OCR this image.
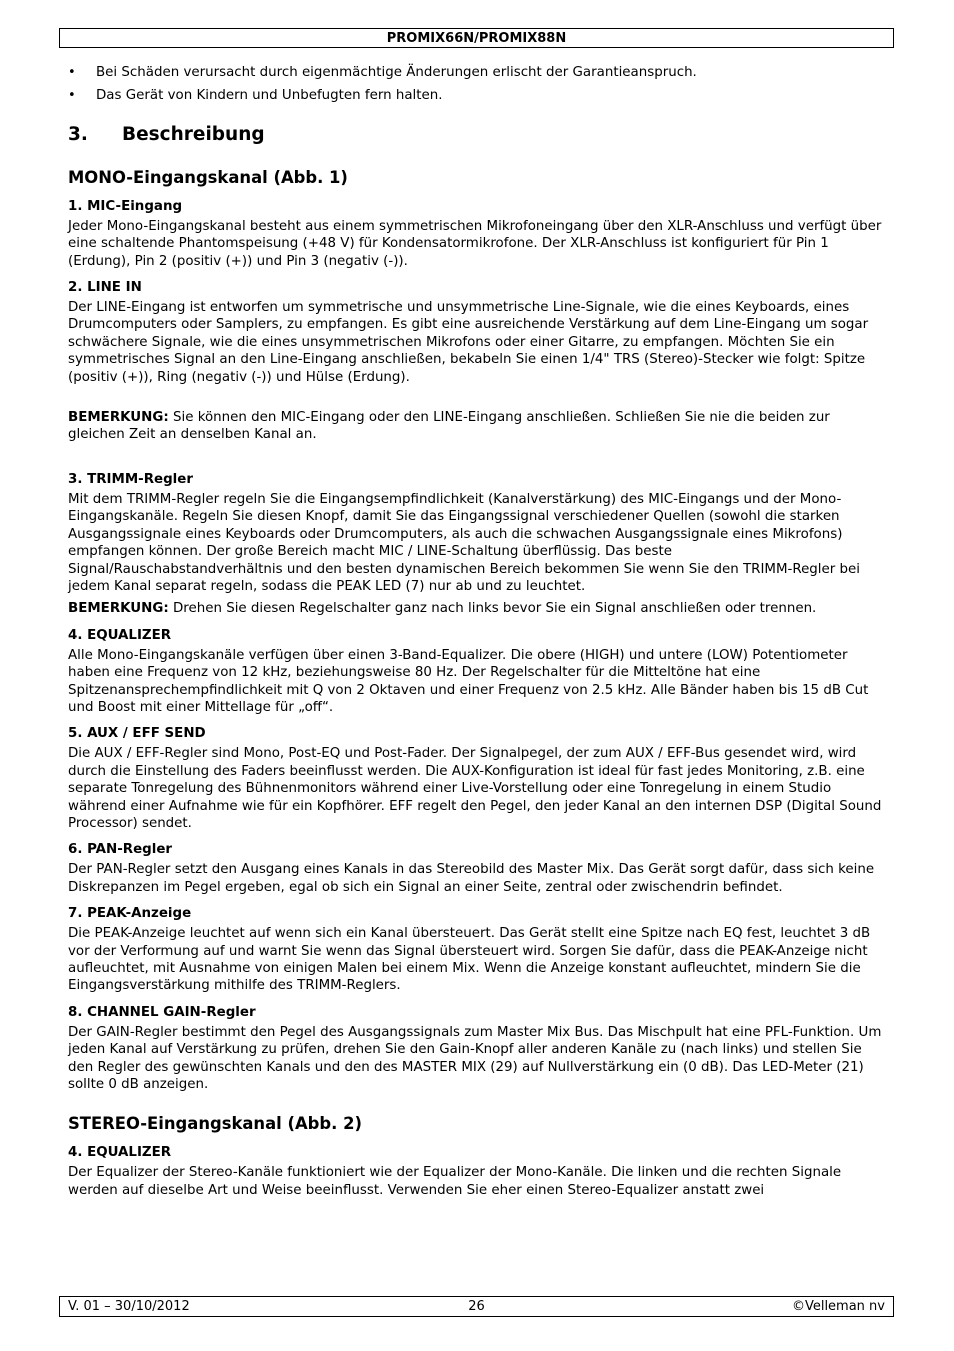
PROMIX66N/PROMIX88N
• Bei Schäden verursacht durch eigenmächtige Änderungen erlischt der Garantieanspruch.
• Das Gerät von Kindern und Unbefugten fern halten.
3.	Beschreibung
MONO-Eingangskanal (Abb. 1)
1. MIC-Eingang
Jeder Mono-Eingangskanal besteht aus einem symmetrischen Mikrofoneingang über den XLR-Anschluss und verfügt über eine schaltende Phantomspeisung (+48 V) für Kondensatormikrofone. Der XLR-Anschluss ist konfiguriert für Pin 1 (Erdung), Pin 2 (positiv (+)) und Pin 3 (negativ (-)).
2. LINE IN
Der LINE-Eingang ist entworfen um symmetrische und unsymmetrische Line-Signale, wie die eines Keyboards, eines Drumcomputers oder Samplers, zu empfangen. Es gibt eine ausreichende Verstärkung auf dem Line-Eingang um sogar schwächere Signale, wie die eines unsymmetrischen Mikrofons oder einer Gitarre, zu empfangen. Möchten Sie ein symmetrisches Signal an den Line-Eingang anschließen, bekabeln Sie einen 1/4" TRS (Stereo)-Stecker wie folgt: Spitze (positiv (+)), Ring (negativ (-)) und Hülse (Erdung).
BEMERKUNG: Sie können den MIC-Eingang oder den LINE-Eingang anschließen. Schließen Sie nie die beiden zur gleichen Zeit an denselben Kanal an.
3. TRIMM-Regler
Mit dem TRIMM-Regler regeln Sie die Eingangsempfindlichkeit (Kanalverstärkung) des MIC-Eingangs und der Mono-Eingangskanäle. Regeln Sie diesen Knopf, damit Sie das Eingangssignal verschiedener Quellen (sowohl die starken Ausgangssignale eines Keyboards oder Drumcomputers, als auch die schwachen Ausgangssignale eines Mikrofons) empfangen können. Der große Bereich macht MIC / LINE-Schaltung überflüssig. Das beste Signal/Rauschabstandverhältnis und den besten dynamischen Bereich bekommen Sie wenn Sie den TRIMM-Regler bei jedem Kanal separat regeln, sodass die PEAK LED (7) nur ab und zu leuchtet.
BEMERKUNG: Drehen Sie diesen Regelschalter ganz nach links bevor Sie ein Signal anschließen oder trennen.
4. EQUALIZER
Alle Mono-Eingangskanäle verfügen über einen 3-Band-Equalizer. Die obere (HIGH) und untere (LOW) Potentiometer haben eine Frequenz von 12 kHz, beziehungsweise 80 Hz. Der Regelschalter für die Mitteltöne hat eine Spitzenansprechempfindlichkeit mit Q von 2 Oktaven und einer Frequenz von 2.5 kHz. Alle Bänder haben bis 15 dB Cut und Boost mit einer Mittellage für „off“.
5. AUX / EFF SEND
Die AUX / EFF-Regler sind Mono, Post-EQ und Post-Fader. Der Signalpegel, der zum AUX / EFF-Bus gesendet wird, wird durch die Einstellung des Faders beeinflusst werden. Die AUX-Konfiguration ist ideal für fast jedes Monitoring, z.B. eine separate Tonregelung des Bühnenmonitors während einer Live-Vorstellung oder eine Tonregelung in einem Studio während einer Aufnahme wie für ein Kopfhörer. EFF regelt den Pegel, den jeder Kanal an den internen DSP (Digital Sound Processor) sendet.
6. PAN-Regler
Der PAN-Regler setzt den Ausgang eines Kanals in das Stereobild des Master Mix. Das Gerät sorgt dafür, dass sich keine Diskrepanzen im Pegel ergeben, egal ob sich ein Signal an einer Seite, zentral oder zwischendrin befindet.
7. PEAK-Anzeige
Die PEAK-Anzeige leuchtet auf wenn sich ein Kanal übersteuert. Das Gerät stellt eine Spitze nach EQ fest, leuchtet 3 dB vor der Verformung auf und warnt Sie wenn das Signal übersteuert wird. Sorgen Sie dafür, dass die PEAK-Anzeige nicht aufleuchtet, mit Ausnahme von einigen Malen bei einem Mix. Wenn die Anzeige konstant aufleuchtet, mindern Sie die Eingangsverstärkung mithilfe des TRIMM-Reglers.
8. CHANNEL GAIN-Regler
Der GAIN-Regler bestimmt den Pegel des Ausgangssignals zum Master Mix Bus. Das Mischpult hat eine PFL-Funktion. Um jeden Kanal auf Verstärkung zu prüfen, drehen Sie den Gain-Knopf aller anderen Kanäle zu (nach links) und stellen Sie den Regler des gewünschten Kanals und den des MASTER MIX (29) auf Nullverstärkung ein (0 dB). Das LED-Meter (21) sollte 0 dB anzeigen.
STEREO-Eingangskanal (Abb. 2)
4. EQUALIZER
Der Equalizer der Stereo-Kanäle funktioniert wie der Equalizer der Mono-Kanäle. Die linken und die rechten Signale werden auf dieselbe Art und Weise beeinflusst. Verwenden Sie eher einen Stereo-Equalizer anstatt zwei
V. 01 – 30/10/2012	26	©Velleman nv
